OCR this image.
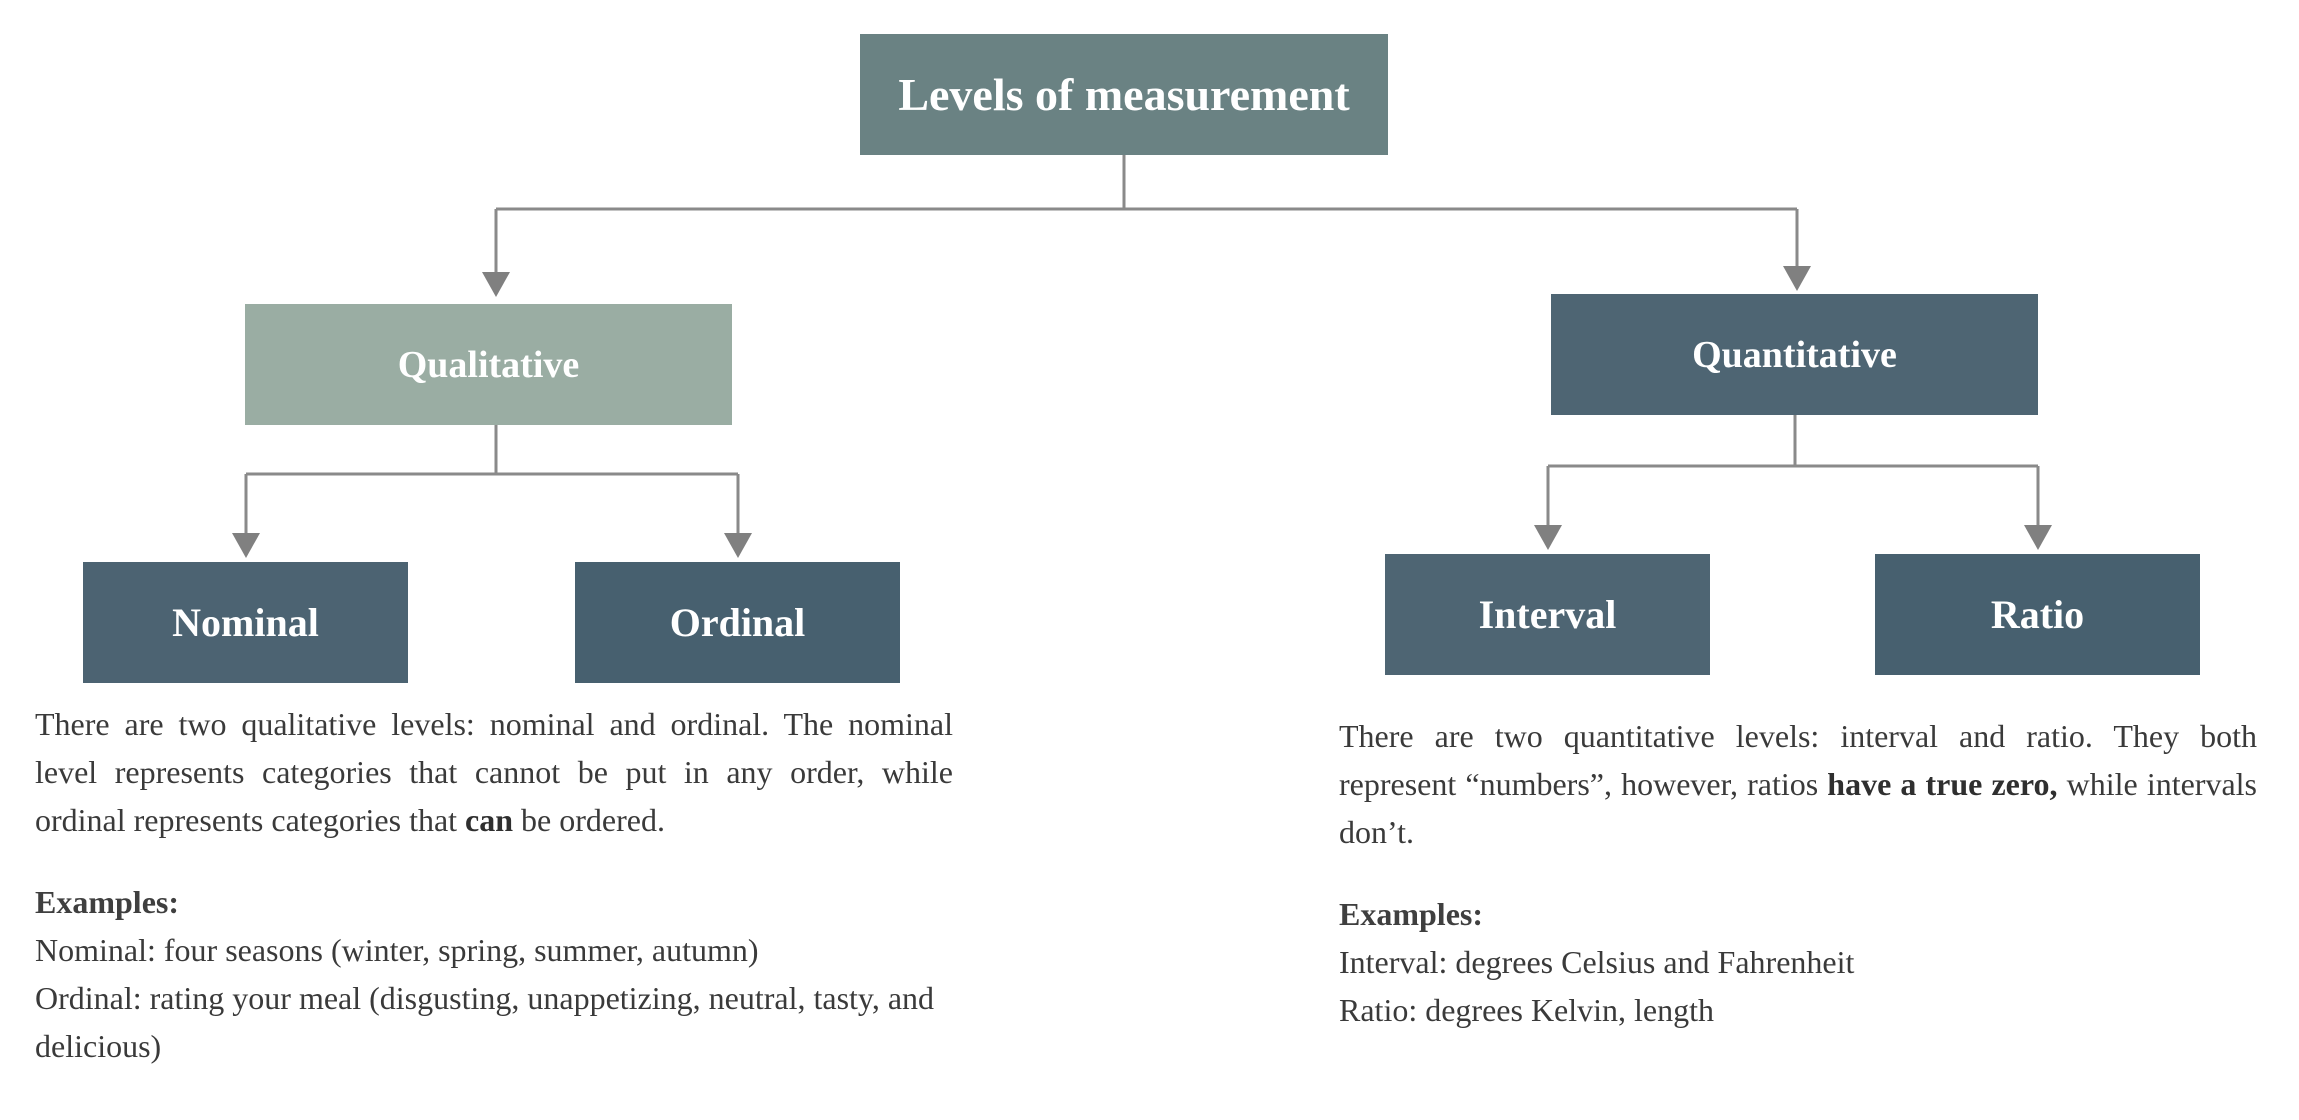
Levels of measurement
Qualitative	Quantitative
Nominal	Ordinal	Interval	Ratio

There are two qualitative levels: nominal and ordinal. The nominal level represents categories that cannot be put in any order, while ordinal represents categories that can be ordered.

Examples:

Nominal: four seasons (winter, spring, summer, autumn)

Ordinal: rating your meal (disgusting, unappetizing, neutral, tasty, and delicious)

There are two quantitative levels: interval and ratio. They both represent “numbers”, however, ratios have a true zero, while intervals don’t.

Examples:

Interval: degrees Celsius and Fahrenheit

Ratio: degrees Kelvin, length
